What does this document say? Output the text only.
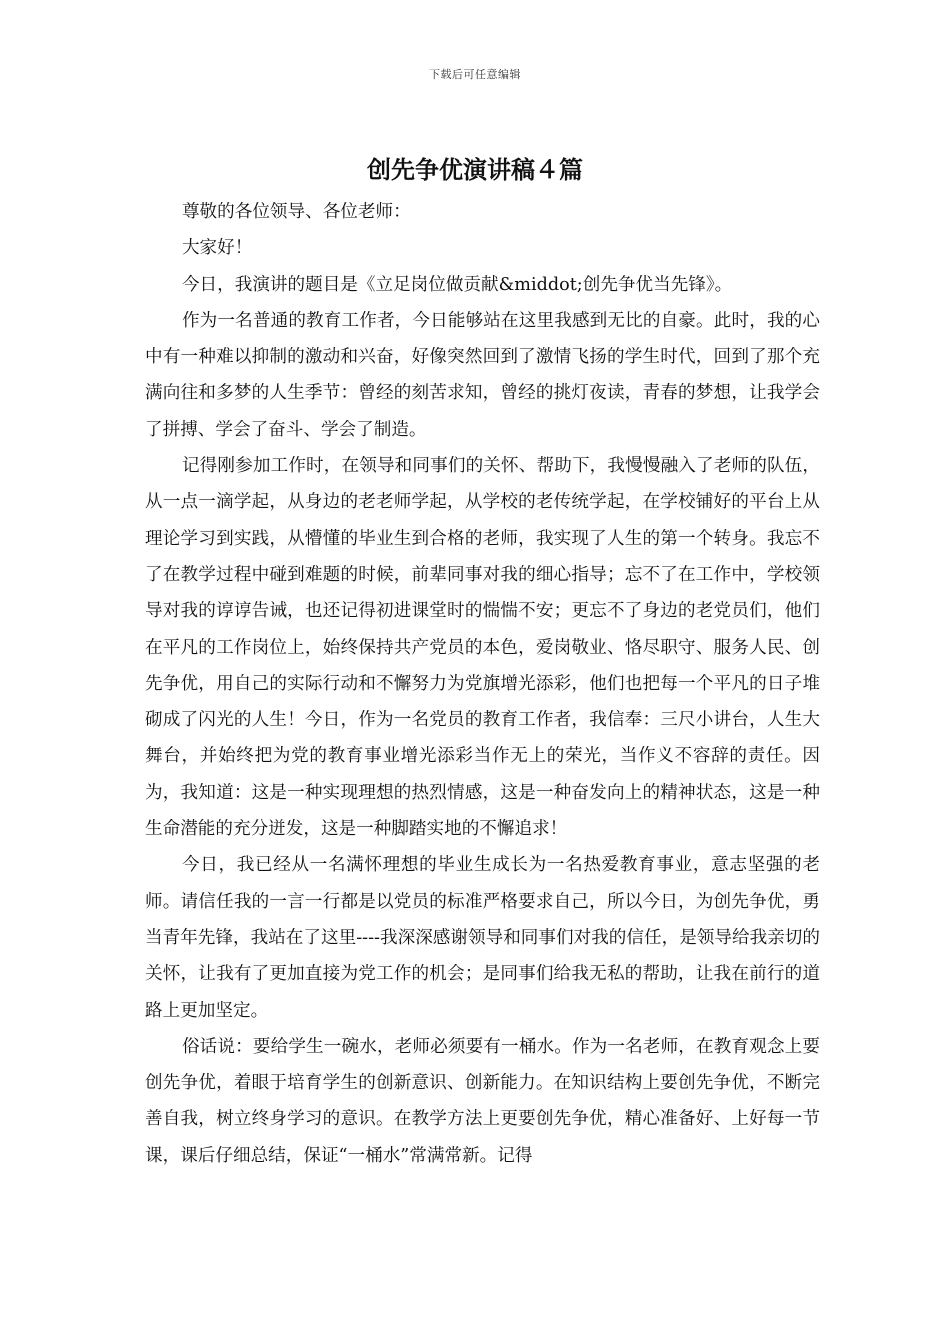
下载后可任意编辑
创先争优演讲稿４篇

尊敬的各位领导、各位老师：

大家好！

今日，我演讲的题目是《立足岗位做贡献&middot;创先争优当先锋》。

作为一名普通的教育工作者，今日能够站在这里我感到无比的自豪。此时，我的心中有一种难以抑制的激动和兴奋，好像突然回到了激情飞扬的学生时代，回到了那个充满向往和多梦的人生季节：曾经的刻苦求知，曾经的挑灯夜读，青春的梦想，让我学会了拼搏、学会了奋斗、学会了制造。

记得刚参加工作时，在领导和同事们的关怀、帮助下，我慢慢融入了老师的队伍，从一点一滴学起，从身边的老老师学起，从学校的老传统学起，在学校铺好的平台上从理论学习到实践，从懵懂的毕业生到合格的老师，我实现了人生的第一个转身。我忘不了在教学过程中碰到难题的时候，前辈同事对我的细心指导；忘不了在工作中，学校领导对我的谆谆告诫，也还记得初进课堂时的惴惴不安；更忘不了身边的老党员们，他们在平凡的工作岗位上，始终保持共产党员的本色，爱岗敬业、恪尽职守、服务人民、创先争优，用自己的实际行动和不懈努力为党旗增光添彩，他们也把每一个平凡的日子堆砌成了闪光的人生！今日，作为一名党员的教育工作者，我信奉：三尺小讲台，人生大舞台，并始终把为党的教育事业增光添彩当作无上的荣光，当作义不容辞的责任。因为，我知道：这是一种实现理想的热烈情感，这是一种奋发向上的精神状态，这是一种生命潜能的充分迸发，这是一种脚踏实地的不懈追求！

今日，我已经从一名满怀理想的毕业生成长为一名热爱教育事业，意志坚强的老师。请信任我的一言一行都是以党员的标准严格要求自己，所以今日，为创先争优，勇当青年先锋，我站在了这里----我深深感谢领导和同事们对我的信任，是领导给我亲切的关怀，让我有了更加直接为党工作的机会；是同事们给我无私的帮助，让我在前行的道路上更加坚定。

俗话说：要给学生一碗水，老师必须要有一桶水。作为一名老师，在教育观念上要创先争优，着眼于培育学生的创新意识、创新能力。在知识结构上要创先争优，不断完善自我，树立终身学习的意识。在教学方法上更要创先争优，精心准备好、上好每一节课，课后仔细总结，保证“一桶水”常满常新。记得
